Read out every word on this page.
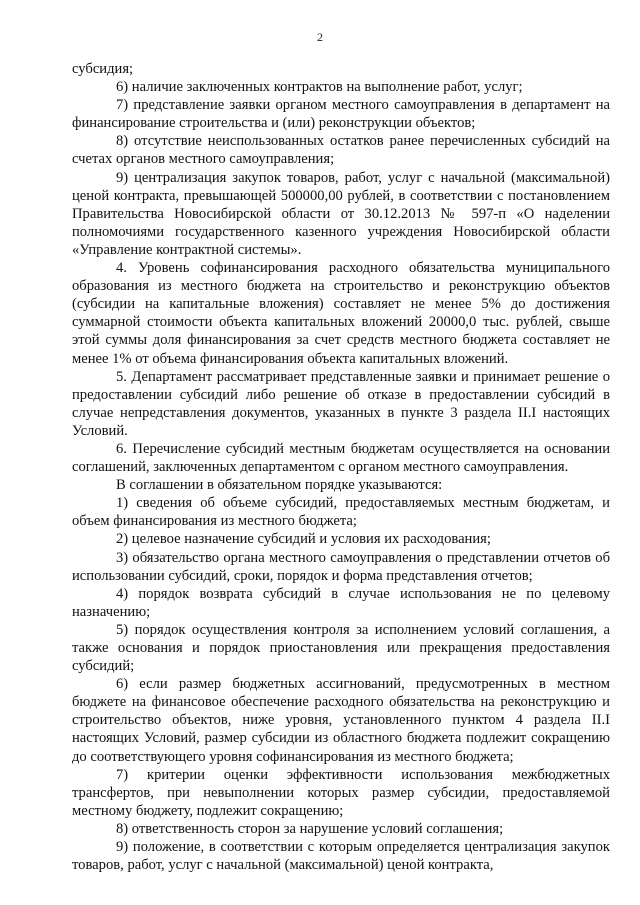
2

субсидия;

6) наличие заключенных контрактов на выполнение работ, услуг;

7) представление заявки органом местного самоуправления в департамент на финансирование строительства и (или) реконструкции объектов;

8) отсутствие неиспользованных остатков ранее перечисленных субсидий на счетах органов местного самоуправления;

9) централизация закупок товаров, работ, услуг с начальной (максимальной) ценой контракта, превышающей 500000,00 рублей, в соответствии с постановлением Правительства Новосибирской области от 30.12.2013 № 597-п «О наделении полномочиями государственного казенного учреждения Новосибирской области «Управление контрактной системы».

4. Уровень софинансирования расходного обязательства муниципального образования из местного бюджета на строительство и реконструкцию объектов (субсидии на капитальные вложения) составляет не менее 5% до достижения суммарной стоимости объекта капитальных вложений 20000,0 тыс. рублей, свыше этой суммы доля финансирования за счет средств местного бюджета составляет не менее 1% от объема финансирования объекта капитальных вложений.

5. Департамент рассматривает представленные заявки и принимает решение о предоставлении субсидий либо решение об отказе в предоставлении субсидий в случае непредставления документов, указанных в пункте 3 раздела II.I настоящих Условий.

6. Перечисление субсидий местным бюджетам осуществляется на основании соглашений, заключенных департаментом с органом местного самоуправления.

В соглашении в обязательном порядке указываются:

1) сведения об объеме субсидий, предоставляемых местным бюджетам, и объем финансирования из местного бюджета;

2) целевое назначение субсидий и условия их расходования;

3) обязательство органа местного самоуправления о представлении отчетов об использовании субсидий, сроки, порядок и форма представления отчетов;

4) порядок возврата субсидий в случае использования не по целевому назначению;

5) порядок осуществления контроля за исполнением условий соглашения, а также основания и порядок приостановления или прекращения предоставления субсидий;

6) если размер бюджетных ассигнований, предусмотренных в местном бюджете на финансовое обеспечение расходного обязательства на реконструкцию и строительство объектов, ниже уровня, установленного пунктом 4 раздела II.I настоящих Условий, размер субсидии из областного бюджета подлежит сокращению до соответствующего уровня софинансирования из местного бюджета;

7) критерии оценки эффективности использования межбюджетных трансфертов, при невыполнении которых размер субсидии, предоставляемой местному бюджету, подлежит сокращению;

8) ответственность сторон за нарушение условий соглашения;

9) положение, в соответствии с которым определяется централизация закупок товаров, работ, услуг с начальной (максимальной) ценой контракта,
